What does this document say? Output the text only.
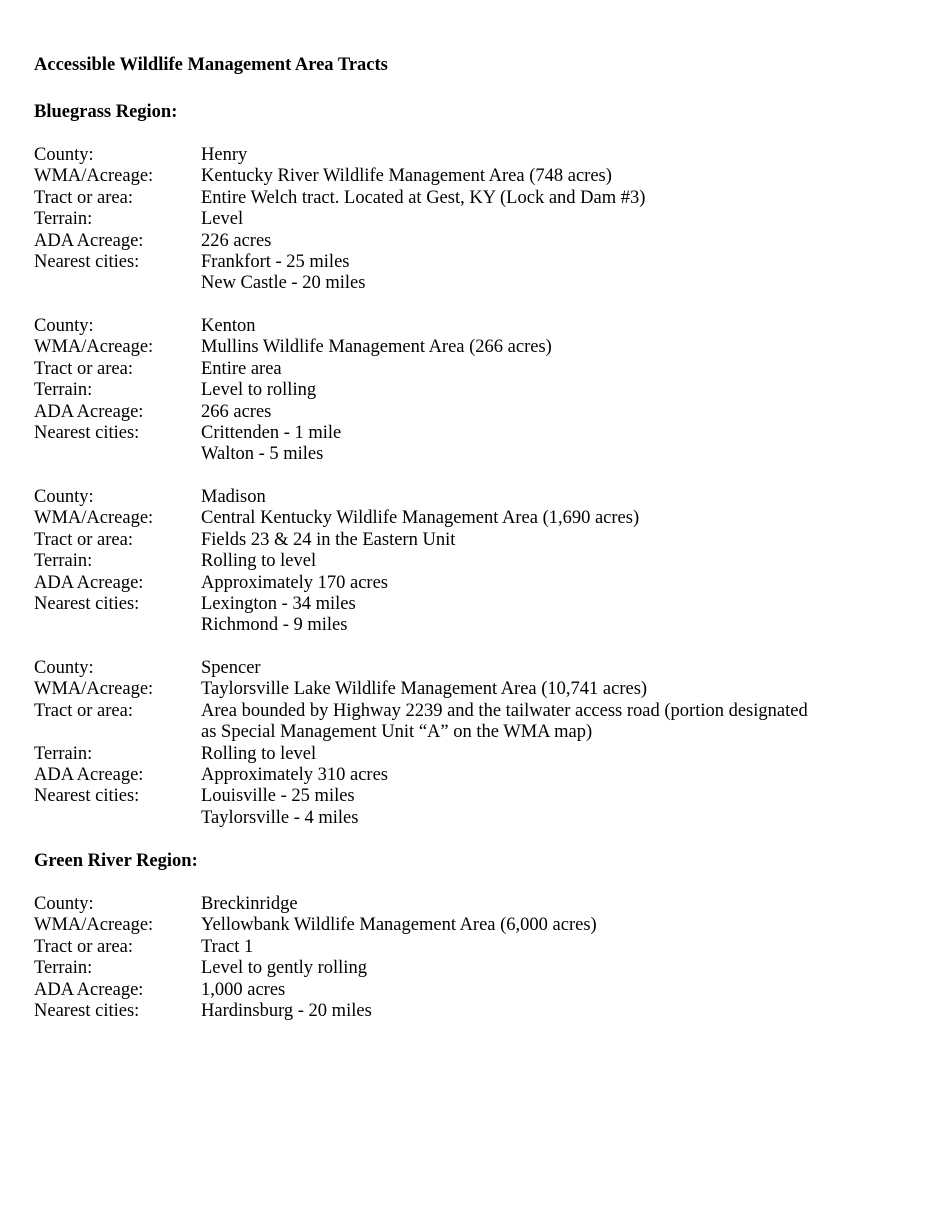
Accessible Wildlife Management Area Tracts
Bluegrass Region:
County:	Henry
WMA/Acreage:	Kentucky River Wildlife Management Area (748 acres)
Tract or area:	Entire Welch tract. Located at Gest, KY (Lock and Dam #3)
Terrain:	Level
ADA Acreage:	226 acres
Nearest cities:	Frankfort - 25 miles
New Castle - 20 miles
County:	Kenton
WMA/Acreage:	Mullins Wildlife Management Area (266 acres)
Tract or area:	Entire area
Terrain:	Level to rolling
ADA Acreage:	266 acres
Nearest cities:	Crittenden - 1 mile
Walton - 5 miles
County:	Madison
WMA/Acreage:	Central Kentucky Wildlife Management Area (1,690 acres)
Tract or area:	Fields 23 & 24 in the Eastern Unit
Terrain:	Rolling to level
ADA Acreage:	Approximately 170 acres
Nearest cities:	Lexington - 34 miles
Richmond - 9 miles
County:	Spencer
WMA/Acreage:	Taylorsville Lake Wildlife Management Area (10,741 acres)
Tract or area:	Area bounded by Highway 2239 and the tailwater access road (portion designated
as Special Management Unit “A” on the WMA map)
Terrain:	Rolling to level
ADA Acreage:	Approximately 310 acres
Nearest cities:	Louisville - 25 miles
Taylorsville - 4 miles
Green River Region:
County:	Breckinridge
WMA/Acreage:	Yellowbank Wildlife Management Area (6,000 acres)
Tract or area:	Tract 1
Terrain:	Level to gently rolling
ADA Acreage:	1,000 acres
Nearest cities:	Hardinsburg - 20 miles
